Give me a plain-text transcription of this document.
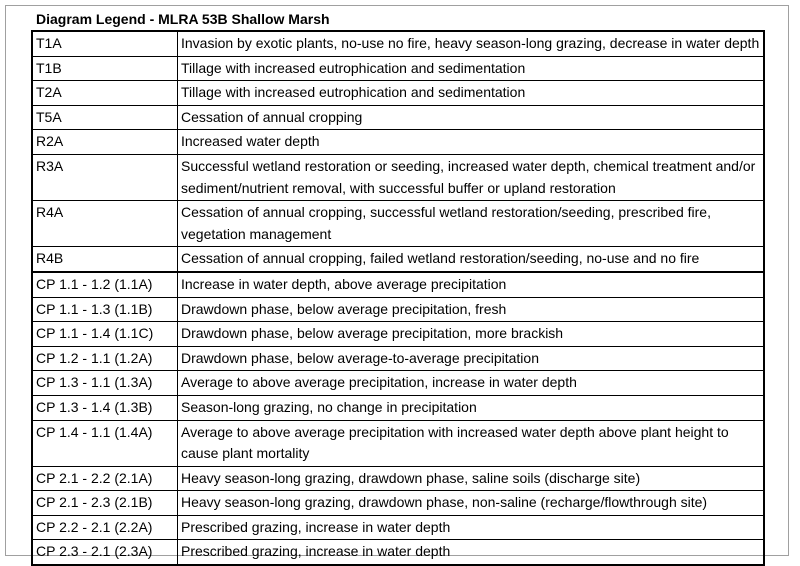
Diagram Legend - MLRA 53B Shallow Marsh
T1A	Invasion by exotic plants, no-use no fire, heavy season-long grazing, decrease in water depth
T1B	Tillage with increased eutrophication and sedimentation
T2A	Tillage with increased eutrophication and sedimentation
T5A	Cessation of annual cropping
R2A	Increased water depth
R3A	Successful wetland restoration or seeding, increased water depth, chemical treatment and/or sediment/nutrient removal, with successful buffer or upland restoration
R4A	Cessation of annual cropping, successful wetland restoration/seeding, prescribed fire, vegetation management
R4B	Cessation of annual cropping, failed wetland restoration/seeding, no-use and no fire
CP 1.1 - 1.2 (1.1A)	Increase in water depth, above average precipitation
CP 1.1 - 1.3 (1.1B)	Drawdown phase, below average precipitation, fresh
CP 1.1 - 1.4 (1.1C)	Drawdown phase, below average precipitation, more brackish
CP 1.2 - 1.1 (1.2A)	Drawdown phase, below average-to-average precipitation
CP 1.3 - 1.1 (1.3A)	Average to above average precipitation, increase in water depth
CP 1.3 - 1.4 (1.3B)	Season-long grazing, no change in precipitation
CP 1.4 - 1.1 (1.4A)	Average to above average precipitation with increased water depth above plant height to cause plant mortality
CP 2.1 - 2.2 (2.1A)	Heavy season-long grazing, drawdown phase, saline soils (discharge site)
CP 2.1 - 2.3 (2.1B)	Heavy season-long grazing, drawdown phase, non-saline (recharge/flowthrough site)
CP 2.2 - 2.1 (2.2A)	Prescribed grazing, increase in water depth
CP 2.3 - 2.1 (2.3A)	Prescribed grazing, increase in water depth
